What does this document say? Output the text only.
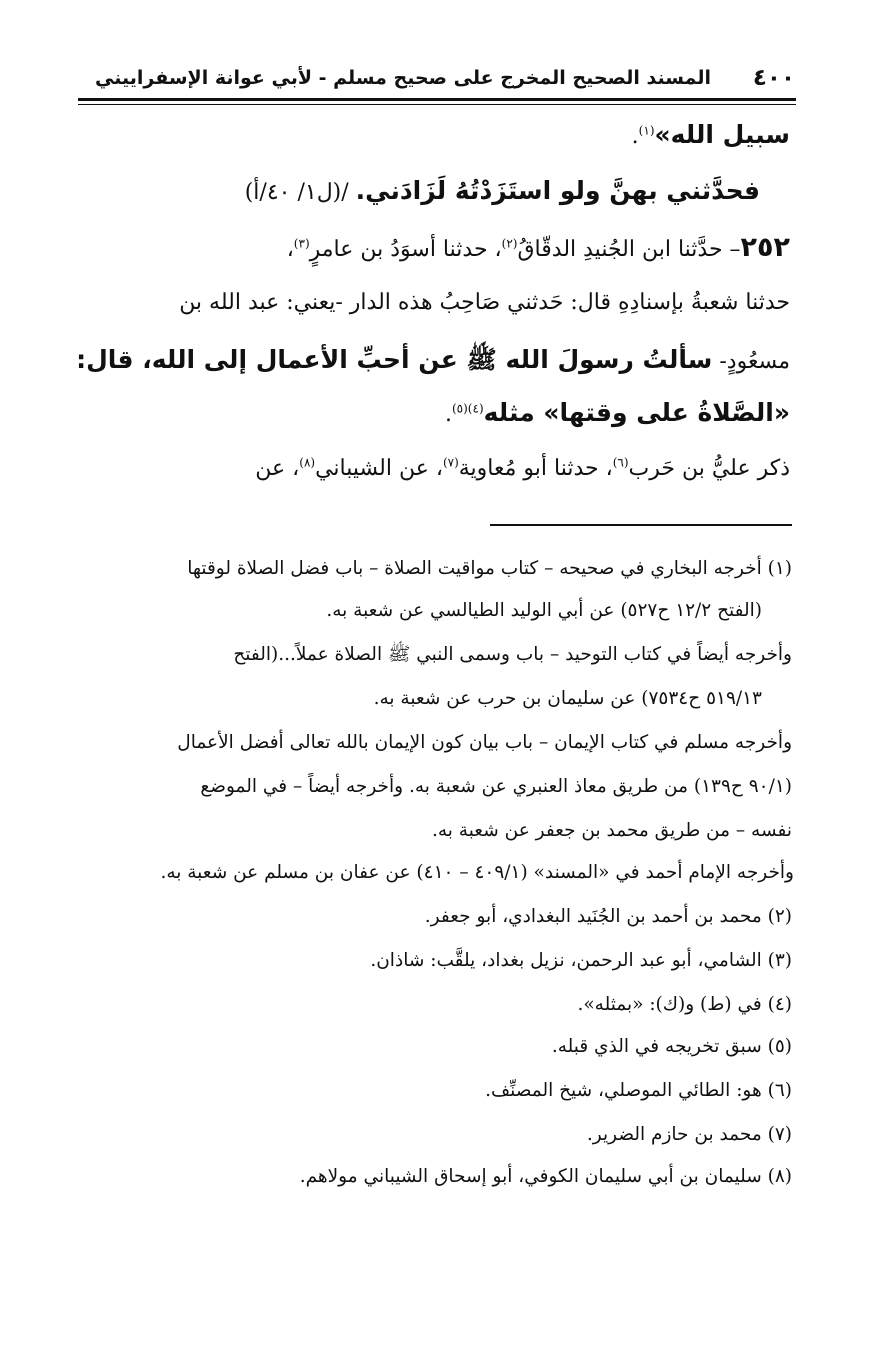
٤٠٠
المسند الصحيح المخرج على صحيح مسلم - لأبي عوانة الإسفراييني
سبيل الله»$^{(١)}$.
فحدَّثني بهنَّ ولو استَزَدْتُهُ لَزَادَني. /(ل١/ ٤٠/أ)
٢٥٢– حدَّثنا ابن الجُنيدِ الدقّاقُ$^{(٢)}$، حدثنا أسوَدُ بن عامرٍ$^{(٣)}$،
حدثنا شعبةُ بإسنادِهِ قال: حَدثني صَاحِبُ هذه الدار -يعني: عبد الله بن
مسعُودٍ- سألتُ رسولَ الله ﷺ عن أحبِّ الأعمال إلى الله، قال:
«الصَّلاةُ على وقتها» مثله$^{(٤)(٥)}$.
ذكر عليُّ بن حَرب$^{(٦)}$، حدثنا أبو مُعاوية$^{(٧)}$، عن الشيباني$^{(٨)}$، عن
(١) أخرجه البخاري في صحيحه – كتاب مواقيت الصلاة – باب فضل الصلاة لوقتها
(الفتح ١٢/٢ ح٥٢٧) عن أبي الوليد الطيالسي عن شعبة به.
وأخرجه أيضاً في كتاب التوحيد – باب وسمى النبي ﷺ الصلاة عملاً...(الفتح
٥١٩/١٣ ح٧٥٣٤) عن سليمان بن حرب عن شعبة به.
وأخرجه مسلم في كتاب الإيمان – باب بيان كون الإيمان بالله تعالى أفضل الأعمال
(٩٠/١ ح١٣٩) من طريق معاذ العنبري عن شعبة به. وأخرجه أيضاً – في الموضع
نفسه – من طريق محمد بن جعفر عن شعبة به.
وأخرجه الإمام أحمد في «المسند» (٤٠٩/١ – ٤١٠) عن عفان بن مسلم عن شعبة به.
(٢) محمد بن أحمد بن الجُنَيد البغدادي، أبو جعفر.
(٣) الشامي، أبو عبد الرحمن، نزيل بغداد، يلقَّب: شاذان.
(٤) في (ط) و(ك): «بمثله».
(٥) سبق تخريجه في الذي قبله.
(٦) هو: الطائي الموصلي، شيخ المصنِّف.
(٧) محمد بن حازم الضرير.
(٨) سليمان بن أبي سليمان الكوفي، أبو إسحاق الشيباني مولاهم.
